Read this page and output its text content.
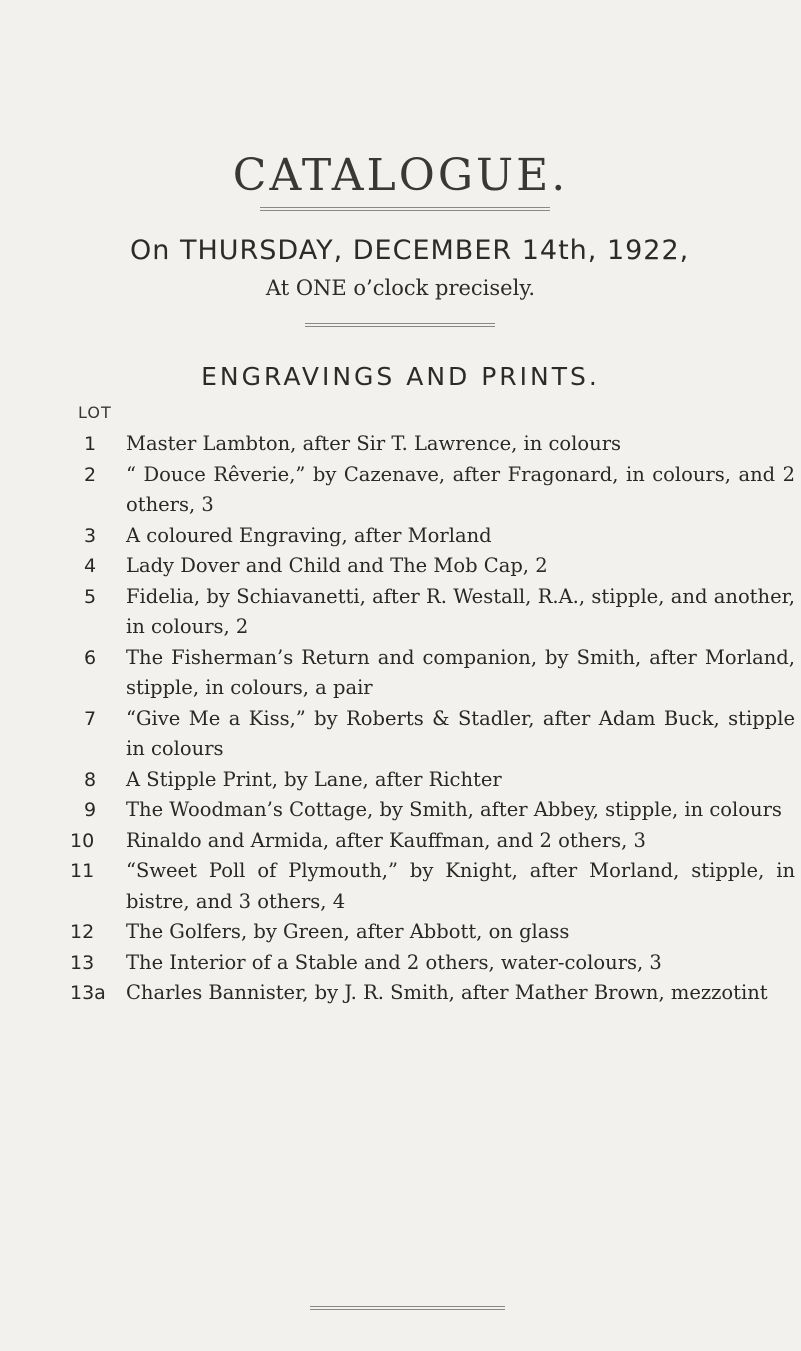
CATALOGUE.
On THURSDAY, DECEMBER 14th, 1922,
At ONE o’clock precisely.
ENGRAVINGS AND PRINTS.
LOT
1	Master Lambton, after Sir T. Lawrence, in colours
2	“ Douce Rêverie,” by Cazenave, after Fragonard, in colours, and 2 others, 3
3	A coloured Engraving, after Morland
4	Lady Dover and Child and The Mob Cap, 2
5	Fidelia, by Schiavanetti, after R. Westall, R.A., stipple, and another, in colours, 2
6	The Fisherman’s Return and companion, by Smith, after Morland, stipple, in colours, a pair
7	“Give Me a Kiss,” by Roberts & Stadler, after Adam Buck, stipple in colours
8	A Stipple Print, by Lane, after Richter
9	The Woodman’s Cottage, by Smith, after Abbey, stipple, in colours
10	Rinaldo and Armida, after Kauffman, and 2 others, 3
11	“Sweet Poll of Plymouth,” by Knight, after Morland, stipple, in bistre, and 3 others, 4
12	The Golfers, by Green, after Abbott, on glass
13	The Interior of a Stable and 2 others, water-colours, 3
13a	Charles Bannister, by J. R. Smith, after Mather Brown, mezzotint
